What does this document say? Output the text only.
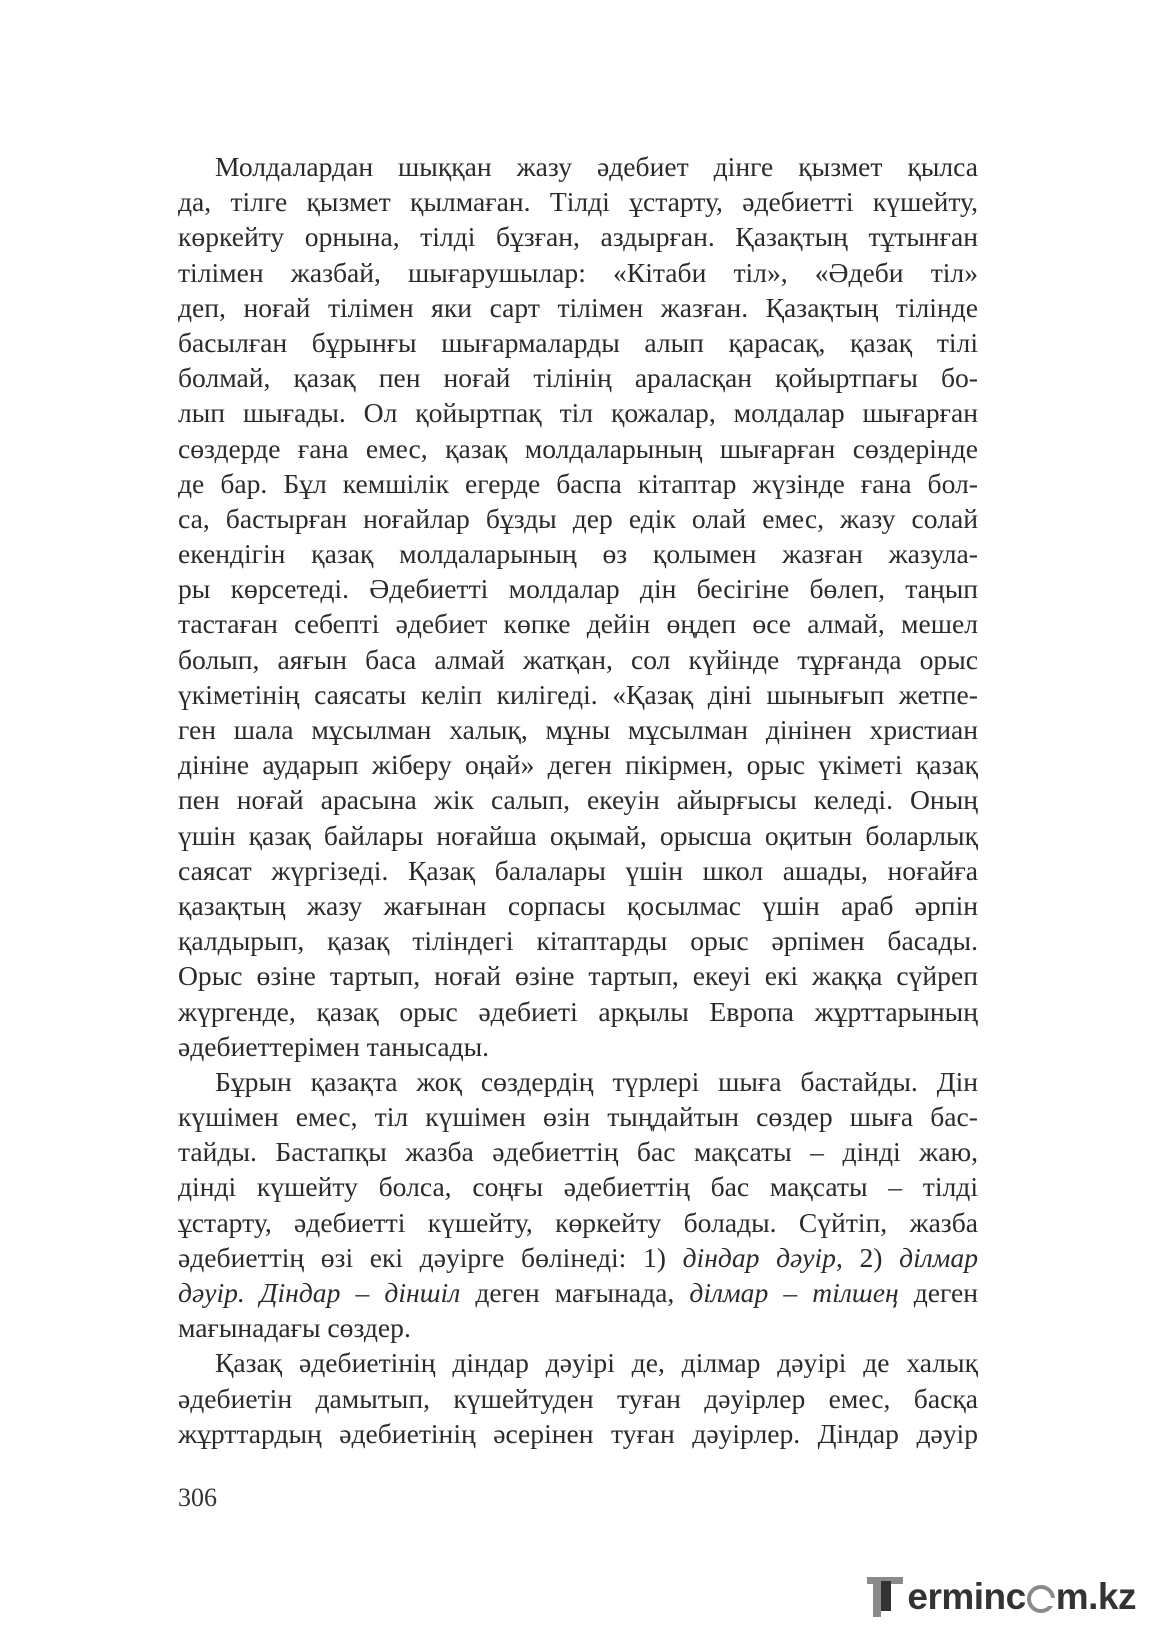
Молдалардан шыққан жазу әдебиет дінге қызмет қылса
да, тілге қызмет қылмаған. Тілді ұстарту, әдебиетті күшейту,
көркейту орнына, тілді бұзған, аздырған. Қазақтың тұтынған
тілімен жазбай, шығарушылар: «Кітаби тіл», «Әдеби тіл»
деп, ноғай тілімен яки сарт тілімен жазған. Қазақтың тілінде
басылған бұрынғы шығармаларды алып қарасақ, қазақ тілі
болмай, қазақ пен ноғай тілінің араласқан қойыртпағы бо-
лып шығады. Ол қойыртпақ тіл қожалар, молдалар шығарған
сөздерде ғана емес, қазақ молдаларының шығарған сөздерінде
де бар. Бұл кемшілік егерде баспа кітаптар жүзінде ғана бол-
са, бастырған ноғайлар бұзды дер едік олай емес, жазу солай
екендігін қазақ молдаларының өз қолымен жазған жазула-
ры көрсетеді. Әдебиетті молдалар дін бесігіне бөлеп, таңып
тастаған себепті әдебиет көпке дейін өңдеп өсе алмай, мешел
болып, аяғын баса алмай жатқан, сол күйінде тұрғанда орыс
үкіметінің саясаты келіп килігеді. «Қазақ діні шынығып жетпе-
ген шала мұсылман халық, мұны мұсылман дінінен христиан
дініне аударып жіберу оңай» деген пікірмен, орыс үкіметі қазақ
пен ноғай арасына жік салып, екеуін айырғысы келеді. Оның
үшін қазақ байлары ноғайша оқымай, орысша оқитын боларлық
саясат жүргізеді. Қазақ балалары үшін школ ашады, ноғайға
қазақтың жазу жағынан сорпасы қосылмас үшін араб әрпін
қалдырып, қазақ тіліндегі кітаптарды орыс әрпімен басады.
Орыс өзіне тартып, ноғай өзіне тартып, екеуі екі жаққа сүйреп
жүргенде, қазақ орыс әдебиеті арқылы Европа жұрттарының
әдебиеттерімен танысады.
Бұрын қазақта жоқ сөздердің түрлері шыға бастайды. Дін
күшімен емес, тіл күшімен өзін тыңдайтын сөздер шыға бас-
тайды. Бастапқы жазба әдебиеттің бас мақсаты – дінді жаю,
дінді күшейту болса, соңғы әдебиеттің бас мақсаты – тілді
ұстарту, әдебиетті күшейту, көркейту болады. Сүйтіп, жазба
әдебиеттің өзі екі дәуірге бөлінеді: 1) діндар дәуір, 2) ділмар
дәуір. Діндар – діншіл деген мағынада, ділмар – тілшең деген
мағынадағы сөздер.
Қазақ әдебиетінің діндар дәуірі де, ділмар дәуірі де халық
әдебиетін дамытып, күшейтуден туған дәуірлер емес, басқа
жұрттардың әдебиетінің әсерінен туған дәуірлер. Діндар дәуір
306
erminc m.kz
